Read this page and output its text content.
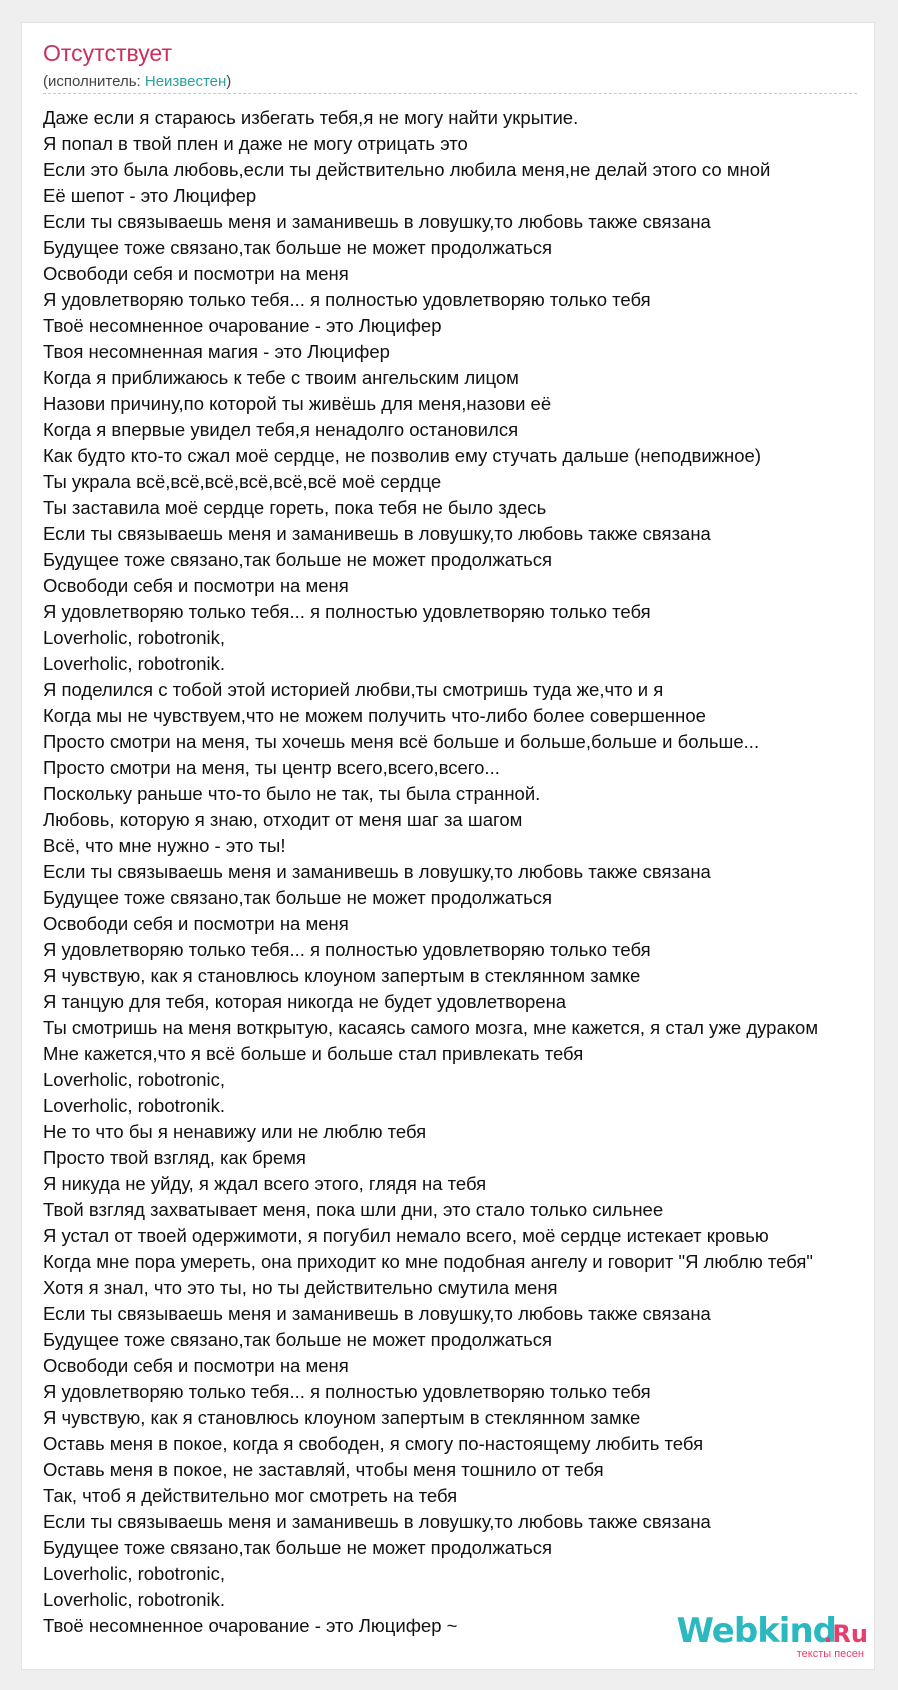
Отсутствует
(исполнитель: Неизвестен)
Даже если я стараюсь избегать тебя,я не могу найти укрытие.
Я попал в твой плен и даже не могу отрицать это
Если это была любовь,если ты действительно любила меня,не делай этого со мной
Её шепот - это Люцифер
Если ты связываешь меня и заманивешь в ловушку,то любовь также связана
Будущее тоже связано,так больше не может продолжаться
Освободи себя и посмотри на меня
Я удовлетворяю только тебя... я полностью удовлетворяю только тебя
Твоё несомненное очарование - это Люцифер
Твоя несомненная магия - это Люцифер
Когда я приближаюсь к тебе с твоим ангельским лицом
Назови причину,по которой ты живёшь для меня,назови её
Когда я впервые увидел тебя,я ненадолго остановился
Как будто кто-то сжал моё сердце, не позволив ему стучать дальше (неподвижное)
Ты украла всё,всё,всё,всё,всё,всё моё сердце
Ты заставила моё сердце гореть, пока тебя не было здесь
Если ты связываешь меня и заманивешь в ловушку,то любовь также связана
Будущее тоже связано,так больше не может продолжаться
Освободи себя и посмотри на меня
Я удовлетворяю только тебя... я полностью удовлетворяю только тебя
Loverholic, robotronik,
Loverholic, robotronik.
Я поделился с тобой этой историей любви,ты смотришь туда же,что и я
Когда мы не чувствуем,что не можем получить что-либо более совершенное
Просто смотри на меня, ты хочешь меня всё больше и больше,больше и больше...
Просто смотри на меня, ты центр всего,всего,всего...
Поскольку раньше что-то было не так, ты была странной.
Любовь, которую я знаю, отходит от меня шаг за шагом
Всё, что мне нужно - это ты!
Если ты связываешь меня и заманивешь в ловушку,то любовь также связана
Будущее тоже связано,так больше не может продолжаться
Освободи себя и посмотри на меня
Я удовлетворяю только тебя... я полностью удовлетворяю только тебя
Я чувствую, как я становлюсь клоуном запертым в стеклянном замке
Я танцую для тебя, которая никогда не будет удовлетворена
Ты смотришь на меня воткрытую, касаясь самого мозга, мне кажется, я стал уже дураком
Мне кажется,что я всё больше и больше стал привлекать тебя
Loverholic, robotronic,
Loverholic, robotronik.
Не то что бы я ненавижу или не люблю тебя
Просто твой взгляд, как бремя
Я никуда не уйду, я ждал всего этого, глядя на тебя
Твой взгляд захватывает меня, пока шли дни, это стало только сильнее
Я устал от твоей одержимоти, я погубил немало всего, моё сердце истекает кровью
Когда мне пора умереть, она приходит ко мне подобная ангелу и говорит "Я люблю тебя"
Хотя я знал, что это ты, но ты действительно смутила меня
Если ты связываешь меня и заманивешь в ловушку,то любовь также связана
Будущее тоже связано,так больше не может продолжаться
Освободи себя и посмотри на меня
Я удовлетворяю только тебя... я полностью удовлетворяю только тебя
Я чувствую, как я становлюсь клоуном запертым в стеклянном замке
Оставь меня в покое, когда я свободен, я смогу по-настоящему любить тебя
Оставь меня в покое, не заставляй, чтобы меня тошнило от тебя
Так, чтоб я действительно мог смотреть на тебя
Если ты связываешь меня и заманивешь в ловушку,то любовь также связана
Будущее тоже связано,так больше не может продолжаться
Loverholic, robotronic,
Loverholic, robotronik.
Твоё несомненное очарование - это Люцифер ~	Webkind
.Ru
тексты песен
